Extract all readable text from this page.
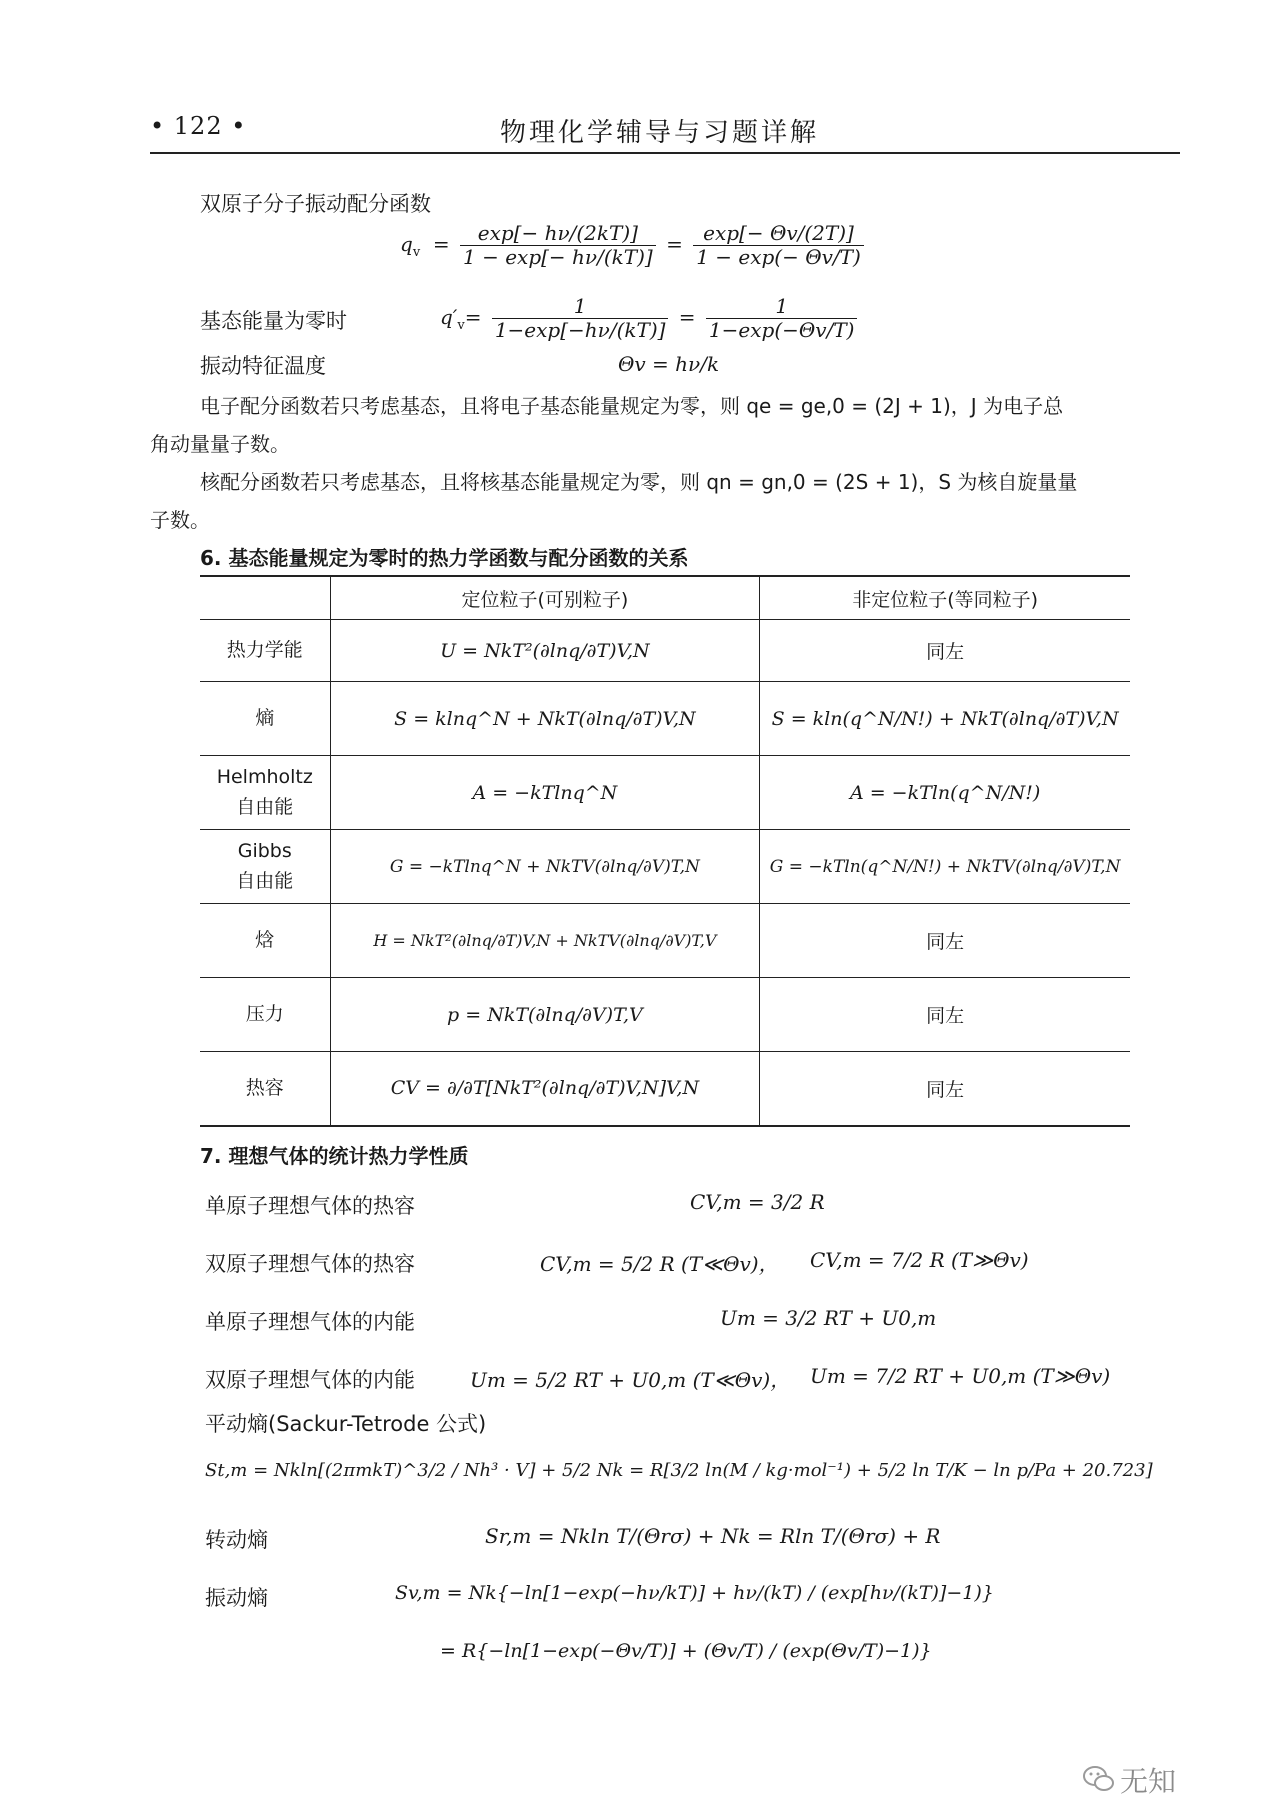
• 122 •	物理化学辅导与习题详解
双原子分子振动配分函数
$q_v = \frac{\exp[- h\nu/(2kT)]}{1 - \exp[- h\nu/(kT)]} = \frac{\exp[- \Theta v/(2T)]}{1 - \exp(- \Theta v/T)}$
基态能量为零时	$q'_v= \frac{1}{1-\exp[-h\nu/(kT)]} = \frac{1}{1-\exp(-\Theta v/T)}$
振动特征温度	Θv = hν/k
电子配分函数若只考虑基态，且将电子基态能量规定为零，则 qe = ge,0 = (2J + 1)，J 为电子总
角动量量子数。
核配分函数若只考虑基态，且将核基态能量规定为零，则 qn = gn,0 = (2S + 1)，S 为核自旋量量
子数。
6. 基态能量规定为零时的热力学函数与配分函数的关系
	定位粒子(可别粒子)	非定位粒子(等同粒子)
热力学能	U = NkT²(∂lnq/∂T)V,N	同左
熵	S = klnq^N + NkT(∂lnq/∂T)V,N	S = kln(q^N/N!) + NkT(∂lnq/∂T)V,N
Helmholtz
自由能	A = −kTlnq^N	A = −kTln(q^N/N!)
Gibbs
自由能	G = −kTlnq^N + NkTV(∂lnq/∂V)T,N	G = −kTln(q^N/N!) + NkTV(∂lnq/∂V)T,N
焓	H = NkT²(∂lnq/∂T)V,N + NkTV(∂lnq/∂V)T,V	同左
压力	p = NkT(∂lnq/∂V)T,V	同左
热容	CV = ∂/∂T[NkT²(∂lnq/∂T)V,N]V,N	同左
7. 理想气体的统计热力学性质
单原子理想气体的热容	CV,m = 3/2 R
双原子理想气体的热容	CV,m = 5/2 R (T≪Θv)， CV,m = 7/2 R (T≫Θv)
单原子理想气体的内能	Um = 3/2 RT + U0,m
双原子理想气体的内能	Um = 5/2 RT + U0,m (T≪Θv)， Um = 7/2 RT + U0,m (T≫Θv)
平动熵(Sackur-Tetrode 公式)
St,m = Nkln[(2πmkT)^3/2 / Nh³ · V] + 5/2 Nk = R[3/2 ln(M / kg·mol⁻¹) + 5/2 ln T/K − ln p/Pa + 20.723]
转动熵	Sr,m = Nkln T/(Θrσ) + Nk = Rln T/(Θrσ) + R
振动熵	Sv,m = Nk{−ln[1−exp(−hν/kT)] + hν/(kT) / (exp[hν/(kT)]−1)}
= R{−ln[1−exp(−Θv/T)] + (Θv/T) / (exp(Θv/T)−1)}
无知
